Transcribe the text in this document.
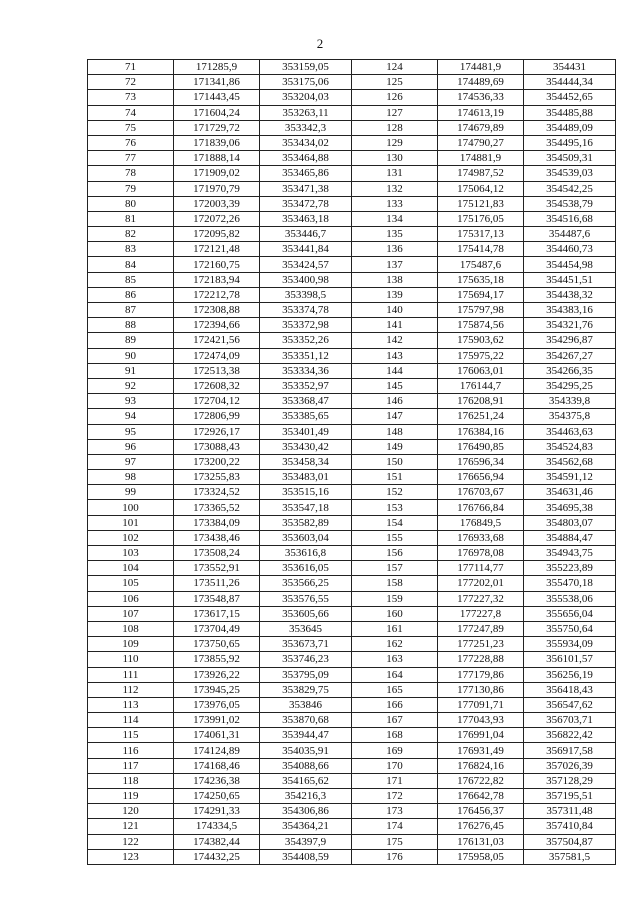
2
71	171285,9	353159,05	124	174481,9	354431
72	171341,86	353175,06	125	174489,69	354444,34
73	171443,45	353204,03	126	174536,33	354452,65
74	171604,24	353263,11	127	174613,19	354485,88
75	171729,72	353342,3	128	174679,89	354489,09
76	171839,06	353434,02	129	174790,27	354495,16
77	171888,14	353464,88	130	174881,9	354509,31
78	171909,02	353465,86	131	174987,52	354539,03
79	171970,79	353471,38	132	175064,12	354542,25
80	172003,39	353472,78	133	175121,83	354538,79
81	172072,26	353463,18	134	175176,05	354516,68
82	172095,82	353446,7	135	175317,13	354487,6
83	172121,48	353441,84	136	175414,78	354460,73
84	172160,75	353424,57	137	175487,6	354454,98
85	172183,94	353400,98	138	175635,18	354451,51
86	172212,78	353398,5	139	175694,17	354438,32
87	172308,88	353374,78	140	175797,98	354383,16
88	172394,66	353372,98	141	175874,56	354321,76
89	172421,56	353352,26	142	175903,62	354296,87
90	172474,09	353351,12	143	175975,22	354267,27
91	172513,38	353334,36	144	176063,01	354266,35
92	172608,32	353352,97	145	176144,7	354295,25
93	172704,12	353368,47	146	176208,91	354339,8
94	172806,99	353385,65	147	176251,24	354375,8
95	172926,17	353401,49	148	176384,16	354463,63
96	173088,43	353430,42	149	176490,85	354524,83
97	173200,22	353458,34	150	176596,34	354562,68
98	173255,83	353483,01	151	176656,94	354591,12
99	173324,52	353515,16	152	176703,67	354631,46
100	173365,52	353547,18	153	176766,84	354695,38
101	173384,09	353582,89	154	176849,5	354803,07
102	173438,46	353603,04	155	176933,68	354884,47
103	173508,24	353616,8	156	176978,08	354943,75
104	173552,91	353616,05	157	177114,77	355223,89
105	173511,26	353566,25	158	177202,01	355470,18
106	173548,87	353576,55	159	177227,32	355538,06
107	173617,15	353605,66	160	177227,8	355656,04
108	173704,49	353645	161	177247,89	355750,64
109	173750,65	353673,71	162	177251,23	355934,09
110	173855,92	353746,23	163	177228,88	356101,57
111	173926,22	353795,09	164	177179,86	356256,19
112	173945,25	353829,75	165	177130,86	356418,43
113	173976,05	353846	166	177091,71	356547,62
114	173991,02	353870,68	167	177043,93	356703,71
115	174061,31	353944,47	168	176991,04	356822,42
116	174124,89	354035,91	169	176931,49	356917,58
117	174168,46	354088,66	170	176824,16	357026,39
118	174236,38	354165,62	171	176722,82	357128,29
119	174250,65	354216,3	172	176642,78	357195,51
120	174291,33	354306,86	173	176456,37	357311,48
121	174334,5	354364,21	174	176276,45	357410,84
122	174382,44	354397,9	175	176131,03	357504,87
123	174432,25	354408,59	176	175958,05	357581,5
